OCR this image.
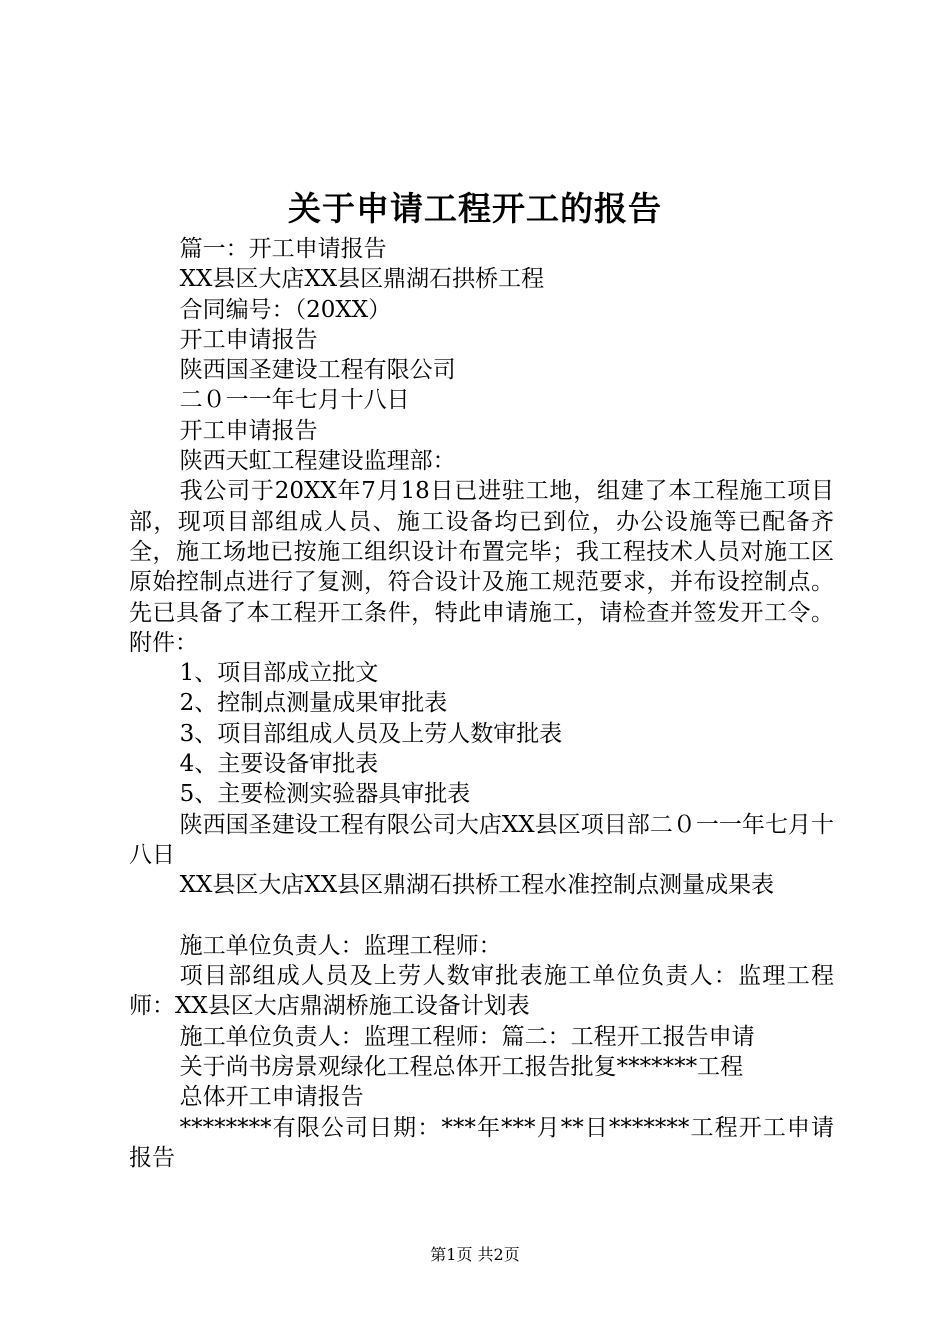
关于申请工程开工的报告

篇一：开工申请报告

XX县区大店XX县区鼎湖石拱桥工程

合同编号：（20XX）

开工申请报告

陕西国圣建设工程有限公司

二０一一年七月十八日

开工申请报告

陕西天虹工程建设监理部：

我公司于20XX年7月18日已进驻工地，组建了本工程施工项目部，现项目部组成人员、施工设备均已到位，办公设施等已配备齐全，施工场地已按施工组织设计布置完毕；我工程技术人员对施工区原始控制点进行了复测，符合设计及施工规范要求，并布设控制点。先已具备了本工程开工条件，特此申请施工，请检查并签发开工令。附件：

1、项目部成立批文

2、控制点测量成果审批表

3、项目部组成人员及上劳人数审批表

4、主要设备审批表

5、主要检测实验器具审批表

陕西国圣建设工程有限公司大店XX县区项目部二０一一年七月十八日

XX县区大店XX县区鼎湖石拱桥工程水准控制点测量成果表

施工单位负责人：监理工程师：

项目部组成人员及上劳人数审批表施工单位负责人：监理工程师：XX县区大店鼎湖桥施工设备计划表

施工单位负责人：监理工程师：篇二：工程开工报告申请

关于尚书房景观绿化工程总体开工报告批复*******工程

总体开工申请报告

********有限公司日期：***年***月**日*******工程开工申请报告

第1页 共2页
